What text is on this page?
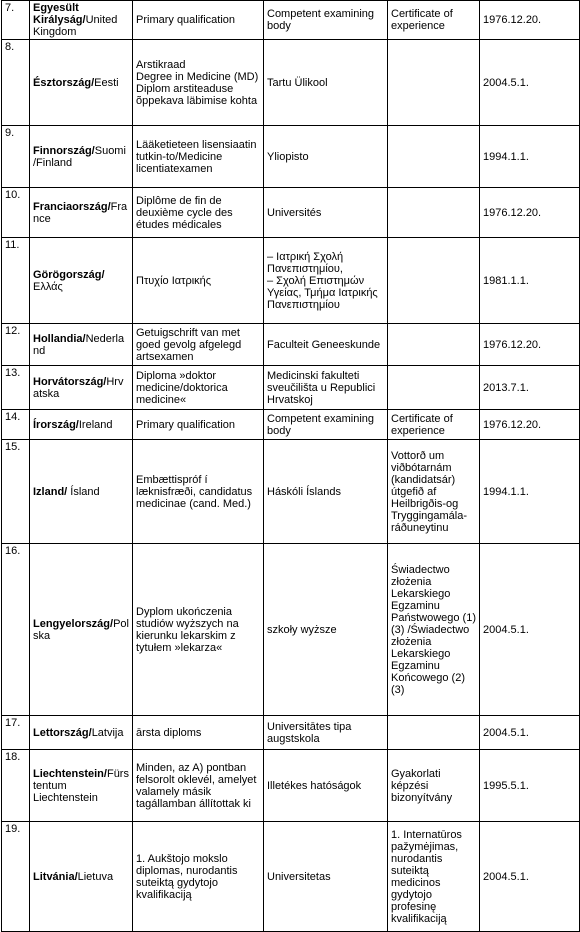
7.	Egyesült Királyság/United Kingdom	Primary qualification	Competent examining body	Certificate of experience	1976.12.20.
8.	Észtország/Eesti	Arstikraad
Degree in Medicine (MD)
Diplom arstiteaduse õppekava läbimise kohta	Tartu Ülikool		2004.5.1.
9.	Finnország/Suomi /Finland	Lääketieteen lisensiaatin tutkin-to/Medicine licentiatexamen	Yliopisto		1994.1.1.
10.	Franciaország/France	Diplôme de fin de deuxième cycle des études médicales	Universités		1976.12.20.
11.	Görögország/Ελλάς	Πτυχίο Ιατρικής	– Ιατρική Σχολή Πανεπιστημίου,
– Σχολή Επιστημών Υγείας, Τμήμα Ιατρικής Πανεπιστημίου		1981.1.1.
12.	Hollandia/Nederland	Getuigschrift van met goed gevolg afgelegd artsexamen	Faculteit Geneeskunde		1976.12.20.
13.	Horvátország/Hrvatska	Diploma »doktor medicine/doktorica medicine«	Medicinski fakulteti sveučilišta u Republici Hrvatskoj		2013.7.1.
14.	Írország/Ireland	Primary qualification	Competent examining body	Certificate of experience	1976.12.20.
15.	Izland/ Ísland	Embættispróf í læknisfræði, candidatus medicinae (cand. Med.)	Háskóli Íslands	Vottorð um viðbótarnám (kandidatsár) útgefið af Heilbrigðis-og Tryggingamála-ráðuneytinu	1994.1.1.
16.	Lengyelország/Polska	Dyplom ukończenia studiów wyższych na kierunku lekarskim z tytułem »lekarza«	szkoły wyższe	Świadectwo złożenia Lekarskiego Egzaminu Państwowego (1) (3) /Świadectwo złożenia Lekarskiego Egzaminu Końcowego (2) (3)	2004.5.1.
17.	Lettország/Latvija	ārsta diploms	Universitātes tipa augstskola		2004.5.1.
18.	Liechtenstein/Fürstentum Liechtenstein	Minden, az A) pontban felsorolt oklevél, amelyet valamely másik tagállamban állítottak ki	Illetékes hatóságok	Gyakorlati képzési bizonyítvány	1995.5.1.
19.	Litvánia/Lietuva	1. Aukštojo mokslo diplomas, nurodantis suteiktą gydytojo kvalifikaciją	Universitetas	1. Internatūros pažymėjimas, nurodantis suteiktą medicinos gydytojo profesinę kvalifikaciją	2004.5.1.
